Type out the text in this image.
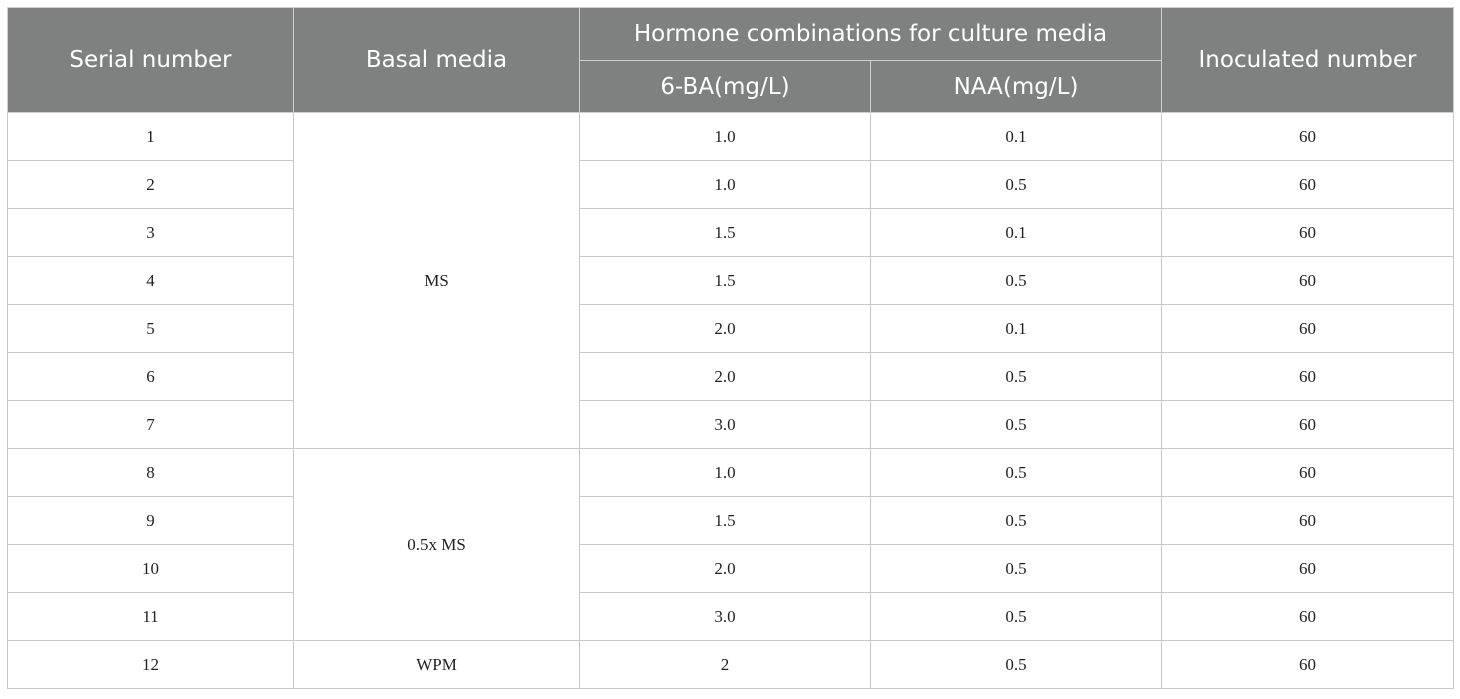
Serial number	Basal media	Hormone combinations for culture media		Inoculated number
		6-BA(mg/L)	NAA(mg/L)	
1	MS	1.0	0.1	60
2		1.0	0.5	60
3		1.5	0.1	60
4		1.5	0.5	60
5		2.0	0.1	60
6		2.0	0.5	60
7		3.0	0.5	60
8	0.5x MS	1.0	0.5	60
9		1.5	0.5	60
10		2.0	0.5	60
11		3.0	0.5	60
12	WPM	2	0.5	60
